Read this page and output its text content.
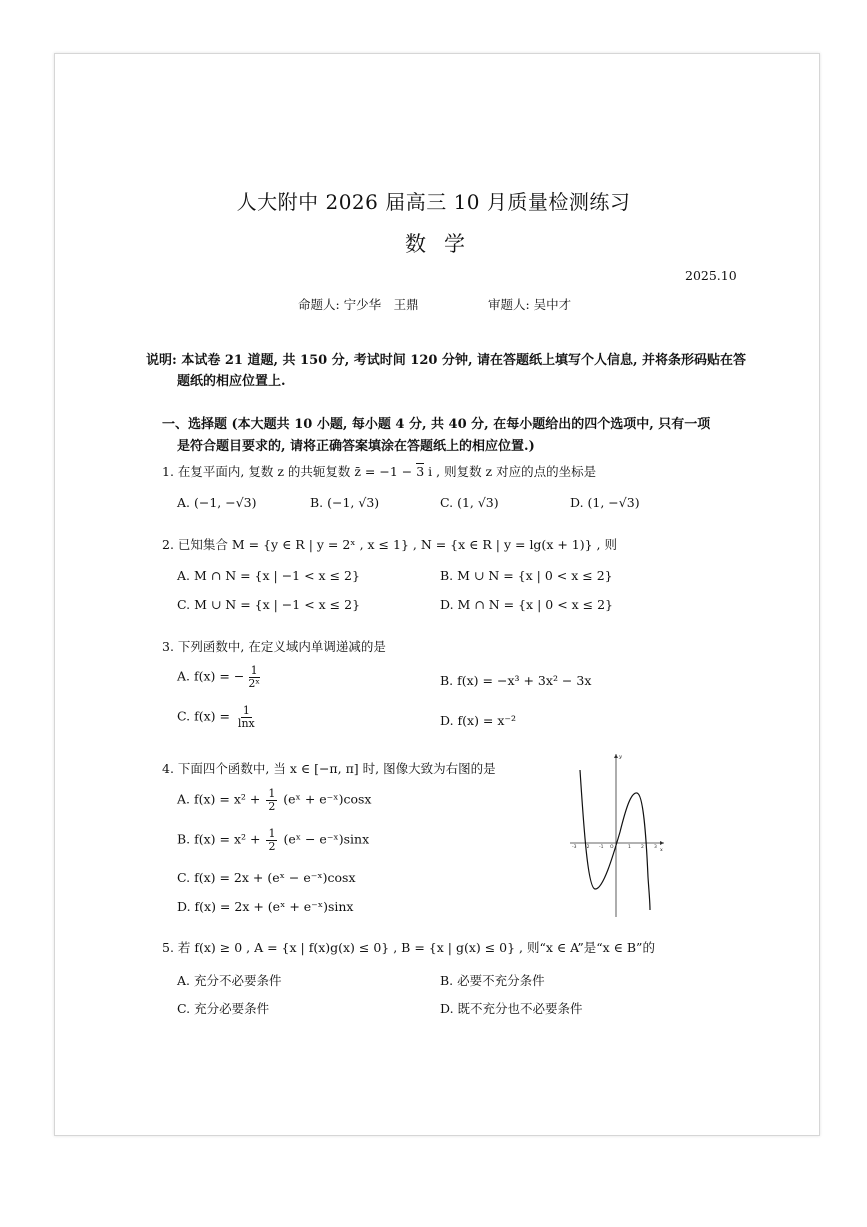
人大附中 2026 届高三 10 月质量检测练习
数学
2025.10
命题人: 宁少华　王鼎	审题人: 吴中才
说明: 本试卷 21 道题, 共 150 分, 考试时间 120 分钟, 请在答题纸上填写个人信息, 并将条形码贴在答
题纸的相应位置上.
一、选择题 (本大题共 10 小题, 每小题 4 分, 共 40 分, 在每小题给出的四个选项中, 只有一项
是符合题目要求的, 请将正确答案填涂在答题纸上的相应位置.)
1. 在复平面内, 复数 z 的共轭复数 z̄ = −1 − 3 i , 则复数 z 对应的点的坐标是
A. (−1, −√3)	B. (−1, √3)	C. (1, √3)	D. (1, −√3)
2. 已知集合 M = {y ∈ R | y = 2ˣ , x ≤ 1} , N = {x ∈ R | y = lg(x + 1)} , 则
A. M ∩ N = {x | −1 < x ≤ 2}	B. M ∪ N = {x | 0 < x ≤ 2}
C. M ∪ N = {x | −1 < x ≤ 2}	D. M ∩ N = {x | 0 < x ≤ 2}
3. 下列函数中, 在定义域内单调递减的是
A. f(x) = − $\frac{1}{\text{2ˣ}}$	B. f(x) = −x³ + 3x² − 3x
C. $f(x) = \frac{1}{\ln x}$	D. f(x) = x⁻²
4. 下面四个函数中, 当 x ∈ [−π, π] 时, 图像大致为右图的是
A. $f(x) = x^2 + \frac{1}{2}$ (eˣ + e⁻ˣ)cosx
B. $f(x) = x^2 + \frac{1}{2}$ (eˣ − e⁻ˣ)sinx
C. f(x) = 2x + (eˣ − e⁻ˣ)cosx
D. f(x) = 2x + (eˣ + e⁻ˣ)sinx
y
x
-3 -2 -1 O	1 2 3
5. 若 f(x) ≥ 0 , A = {x | f(x)g(x) ≤ 0} , B = {x | g(x) ≤ 0} , 则“x ∈ A”是“x ∈ B”的
A. 充分不必要条件	B. 必要不充分条件
C. 充分必要条件	D. 既不充分也不必要条件
